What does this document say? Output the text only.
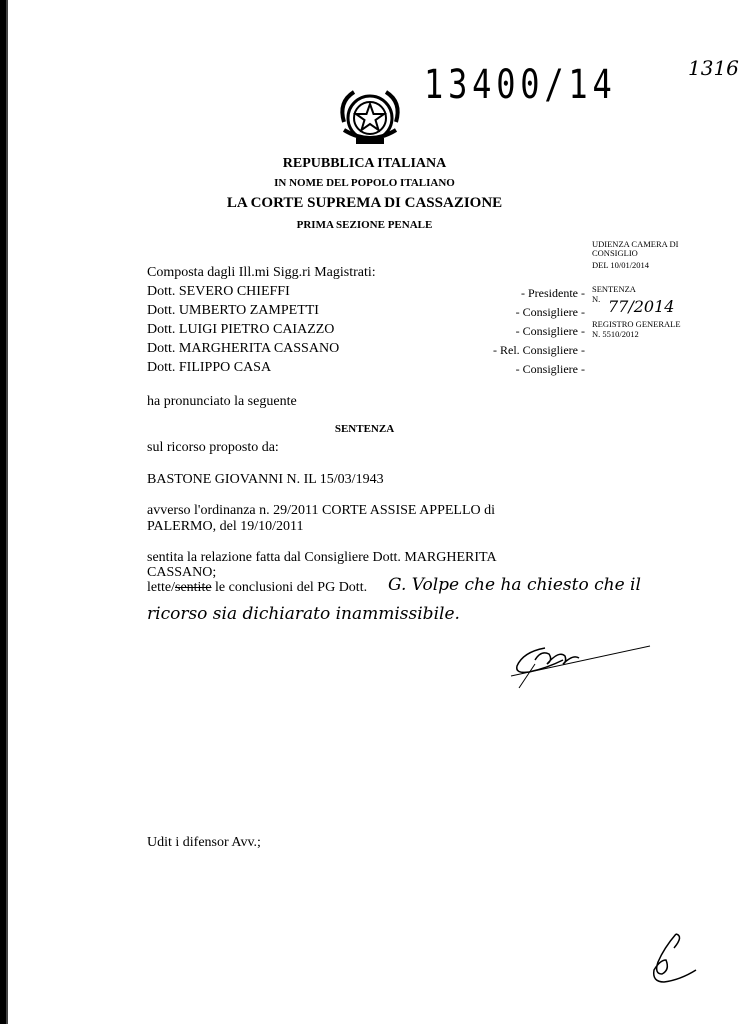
13400/14	1316
REPUBBLICA ITALIANA
IN NOME DEL POPOLO ITALIANO
LA CORTE SUPREMA DI CASSAZIONE
PRIMA SEZIONE PENALE
UDIENZA CAMERA DI CONSIGLIO
DEL 10/01/2014
SENTENZA
N. 77/2014
REGISTRO GENERALE
N. 5510/2012
Composta dagli Ill.mi Sigg.ri Magistrati:
Dott. SEVERO CHIEFFI	- Presidente -
Dott. UMBERTO ZAMPETTI	- Consigliere -
Dott. LUIGI PIETRO CAIAZZO	- Consigliere -
Dott. MARGHERITA CASSANO	- Rel. Consigliere -
Dott. FILIPPO CASA	- Consigliere -
ha pronunciato la seguente
SENTENZA
sul ricorso proposto da:
BASTONE GIOVANNI N. IL 15/03/1943
avverso l'ordinanza n. 29/2011 CORTE ASSISE APPELLO di
PALERMO, del 19/10/2011
sentita la relazione fatta dal Consigliere Dott. MARGHERITA
CASSANO;
lette/sentite le conclusioni del PG Dott. G. Volpe che ha chiesto che il
ricorso sia dichiarato inammissibile.
Udit i difensor Avv.;
